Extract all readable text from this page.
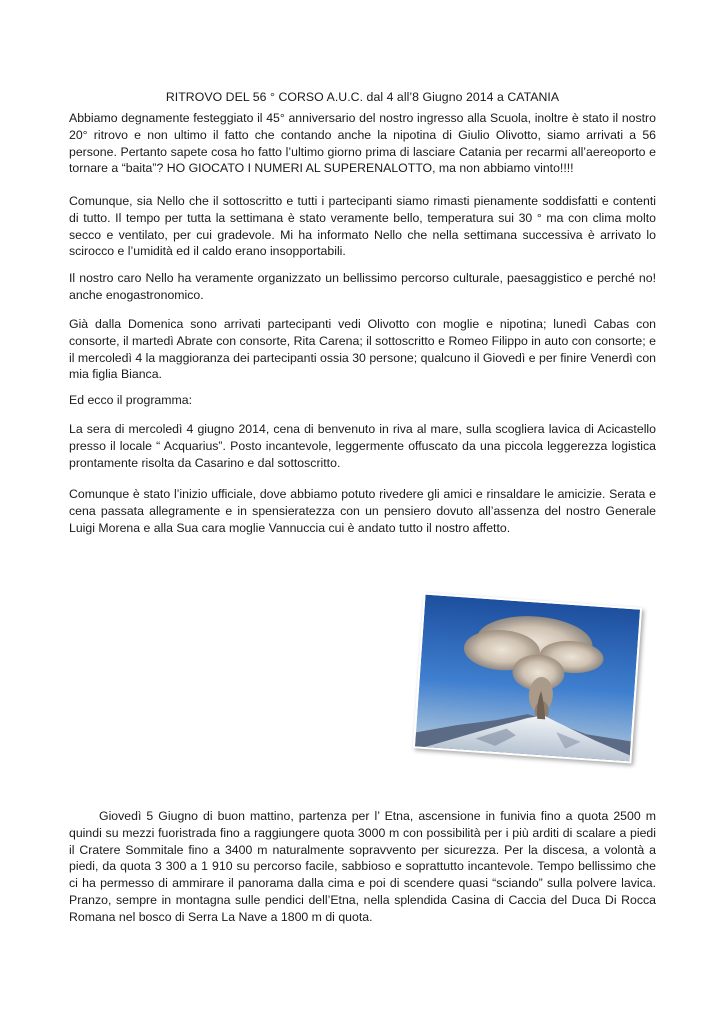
RITROVO DEL 56 ° CORSO A.U.C. dal 4 all’8 Giugno 2014 a CATANIA

Abbiamo degnamente festeggiato il 45° anniversario del nostro ingresso alla Scuola, inoltre è stato il nostro 20° ritrovo e non ultimo il fatto che contando anche la nipotina di Giulio Olivotto, siamo arrivati a 56 persone. Pertanto sapete cosa ho fatto l’ultimo giorno prima di lasciare Catania per recarmi all’aereoporto e tornare a “baita”? HO GIOCATO I NUMERI AL SUPERENALOTTO, ma non abbiamo vinto!!!!

Comunque, sia Nello che il sottoscritto e tutti i partecipanti siamo rimasti pienamente soddisfatti e contenti di tutto. Il tempo per tutta la settimana è stato veramente bello, temperatura sui 30 ° ma con clima molto secco e ventilato, per cui gradevole. Mi ha informato Nello che nella settimana successiva è arrivato lo scirocco e l’umidità ed il caldo erano insopportabili.

Il nostro caro Nello ha veramente organizzato un bellissimo percorso culturale, paesaggistico e perché no! anche enogastronomico.

Già dalla Domenica sono arrivati partecipanti vedi Olivotto con moglie e nipotina; lunedì Cabas con consorte, il martedì Abrate con consorte, Rita Carena; il sottoscritto e Romeo Filippo in auto con consorte; e il mercoledì 4 la maggioranza dei partecipanti ossia 30 persone; qualcuno il Giovedì e per finire Venerdì con mia figlia Bianca.

Ed ecco il programma:

La sera di mercoledì 4 giugno 2014, cena di benvenuto in riva al mare, sulla scogliera lavica di Acicastello presso il locale “ Acquarius”. Posto incantevole, leggermente offuscato da una piccola leggerezza logistica prontamente risolta da Casarino e dal sottoscritto.

Comunque è stato l’inizio ufficiale, dove abbiamo potuto rivedere gli amici e rinsaldare le amicizie. Serata e cena passata allegramente e in spensieratezza con un pensiero dovuto all’assenza del nostro Generale Luigi Morena e alla Sua cara moglie Vannuccia cui è andato tutto il nostro affetto.

Giovedì 5 Giugno di buon mattino, partenza per l’ Etna, ascensione in funivia fino a quota 2500 m quindi su mezzi fuoristrada fino a raggiungere quota 3000 m con possibilità per i più arditi di scalare a piedi il Cratere Sommitale fino a 3400 m naturalmente sopravvento per sicurezza. Per la discesa, a volontà a piedi, da quota 3 300 a 1 910 su percorso facile, sabbioso e soprattutto incantevole. Tempo bellissimo che ci ha permesso di ammirare il panorama dalla cima e poi di scendere quasi “sciando” sulla polvere lavica. Pranzo, sempre in montagna sulle pendici dell’Etna, nella splendida Casina di Caccia del Duca Di Rocca Romana nel bosco di Serra La Nave a 1800 m di quota.
